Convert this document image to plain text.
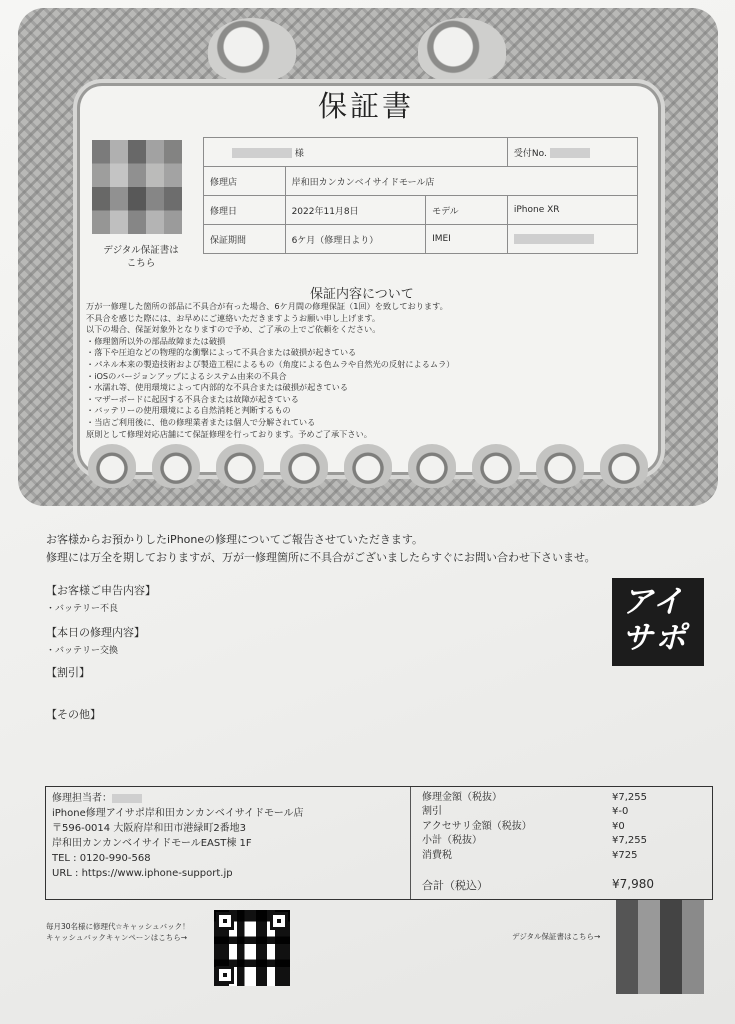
保証書
デジタル保証書は
こちら
様			受付No.
修理店	岸和田カンカンベイサイドモール店		
修理日	2022年11月8日	モデル	iPhone XR
保証期間	6ケ月（修理日より）	IMEI	
保証内容について
万が一修理した箇所の部品に不具合が有った場合、6ケ月間の修理保証（1回）を致しております。
不具合を感じた際には、お早めにご連絡いただきますようお願い申し上げます。
以下の場合、保証対象外となりますので予め、ご了承の上でご依頼をください。
・修理箇所以外の部品故障または破損
・落下や圧迫などの物理的な衝撃によって不具合または破損が起きている
・パネル本来の製造技術および製造工程によるもの（角度による色ムラや自然光の反射によるムラ）
・iOSのバージョンアップによるシステム由来の不具合
・水濡れ等、使用環境によって内部的な不具合または破損が起きている
・マザーボードに起因する不具合または故障が起きている
・バッテリーの使用環境による自然消耗と判断するもの
・当店ご利用後に、他の修理業者または個人で分解されている
原則として修理対応店舗にて保証修理を行っております。予めご了承下さい。
お客様からお預かりしたiPhoneの修理についてご報告させていただきます。
修理には万全を期しておりますが、万が一修理箇所に不具合がございましたらすぐにお問い合わせ下さいませ。
【お客様ご申告内容】
・バッテリー不良
【本日の修理内容】
・バッテリー交換
【割引】
【その他】
アイ
サポ
修理担当者：
iPhone修理アイサポ岸和田カンカンベイサイドモール店
〒596-0014 大阪府岸和田市港緑町2番地3
岸和田カンカンベイサイドモールEAST棟 1F
TEL : 0120-990-568
URL : https://www.iphone-support.jp
修理金額（税抜）	¥7,255
割引	¥-0
アクセサリ金額（税抜）	¥0
小計（税抜）	¥7,255
消費税	¥725
合計（税込）	¥7,980
毎月30名様に修理代☆キャッシュバック！
キャッシュバックキャンペーンはこちら→	デジタル保証書はこちら→
